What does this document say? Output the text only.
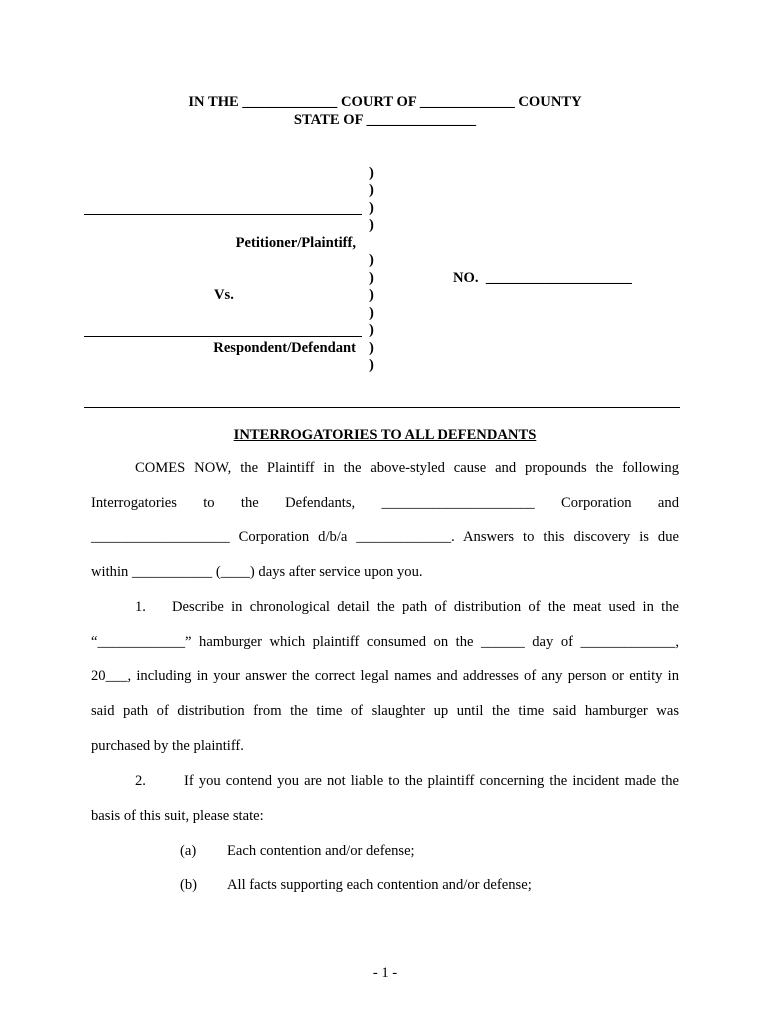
IN THE _____________ COURT OF _____________ COUNTY
STATE OF _______________
)
)
)
)
)
)
)
)
)
)
)
Petitioner/Plaintiff,
Vs.
Respondent/Defendant
NO.  ____________________
INTERROGATORIES TO ALL DEFENDANTS
COMES NOW, the Plaintiff in the above-styled cause and propounds the following
Interrogatories to the Defendants, _____________________ Corporation and
___________________ Corporation d/b/a _____________. Answers to this discovery is due
within ___________ (____) days after service upon you.
1. Describe in chronological detail the path of distribution of the meat used in the
“____________” hamburger which plaintiff consumed on the ______ day of _____________,
20___, including in your answer the correct legal names and addresses of any person or entity in
said path of distribution from the time of slaughter up until the time said hamburger was
purchased by the plaintiff.
2.	If you contend you are not liable to the plaintiff concerning the incident made the
basis of this suit, please state:
(a) Each contention and/or defense;
(b) All facts supporting each contention and/or defense;
- 1 -
